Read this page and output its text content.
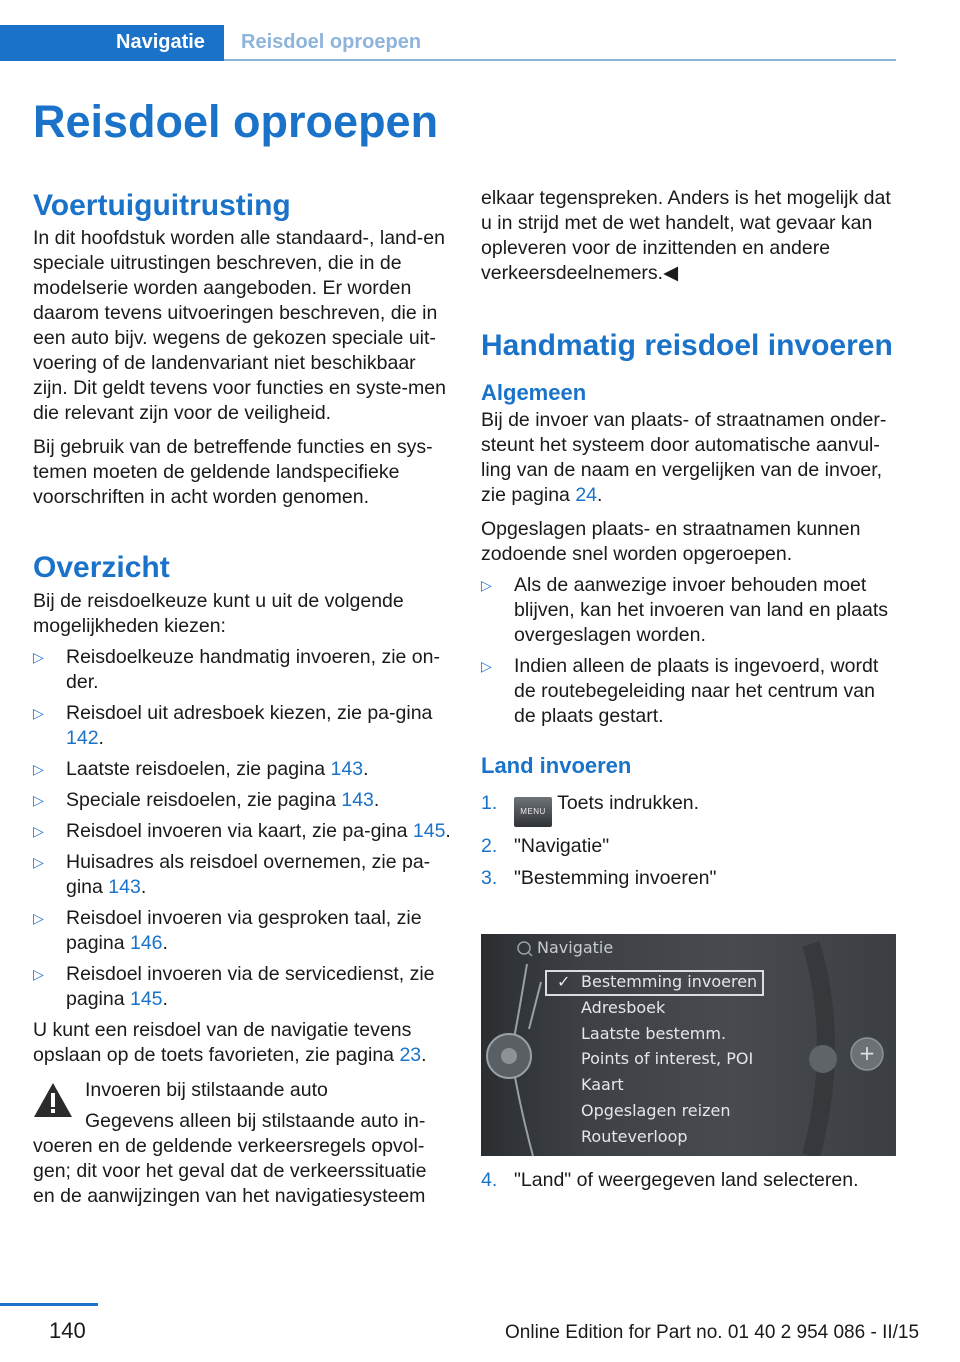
Navigatie Reisdoel oproepen
Reisdoel oproepen
Voertuiguitrusting

In dit hoofdstuk worden alle standaard-, land-en speciale uitrustingen beschreven, die in de modelserie worden aangeboden. Er worden daarom tevens uitvoeringen beschreven, die in een auto bijv. wegens de gekozen speciale uit-voering of de landenvariant niet beschikbaar zijn. Dit geldt tevens voor functies en syste-men die relevant zijn voor de veiligheid.

Bij gebruik van de betreffende functies en sys-temen moeten de geldende landspecifieke voorschriften in acht worden genomen.

Overzicht

Bij de reisdoelkeuze kunt u uit de volgende mogelijkheden kiezen:

▷ Reisdoelkeuze handmatig invoeren, zie on-der.
▷ Reisdoel uit adresboek kiezen, zie pa-gina 142.
▷ Laatste reisdoelen, zie pagina 143.
▷ Speciale reisdoelen, zie pagina 143.
▷ Reisdoel invoeren via kaart, zie pa-gina 145.
▷ Huisadres als reisdoel overnemen, zie pa-gina 143.
▷ Reisdoel invoeren via gesproken taal, zie pagina 146.
▷ Reisdoel invoeren via de servicedienst, zie pagina 145.

U kunt een reisdoel van de navigatie tevens opslaan op de toets favorieten, zie pagina 23.

Invoeren bij stilstaande auto

Gegevens alleen bij stilstaande auto in-voeren en de geldende verkeersregels opvol-gen; dit voor het geval dat de verkeerssituatie en de aanwijzingen van het navigatiesysteem

elkaar tegenspreken. Anders is het mogelijk dat u in strijd met de wet handelt, wat gevaar kan opleveren voor de inzittenden en andere verkeersdeelnemers.◀

Handmatig reisdoel invoeren
Algemeen

Bij de invoer van plaats- of straatnamen onder-steunt het systeem door automatische aanvul-ling van de naam en vergelijken van de invoer, zie pagina 24.

Opgeslagen plaats- en straatnamen kunnen zodoende snel worden opgeroepen.

▷ Als de aanwezige invoer behouden moet blijven, kan het invoeren van land en plaats overgeslagen worden.
▷ Indien alleen de plaats is ingevoerd, wordt de routebegeleiding naar het centrum van de plaats gestart.
Land invoeren
1.	MENU Toets indrukken.
2. "Navigatie"
3. "Bestemming invoeren"
+
Navigatie
✓ Bestemming invoeren
Adresboek
Laatste bestemm.
Points of interest, POI
Kaart
Opgeslagen reizen
Routeverloop
4. "Land" of weergegeven land selecteren.
140	Online Edition for Part no. 01 40 2 954 086 - II/15
